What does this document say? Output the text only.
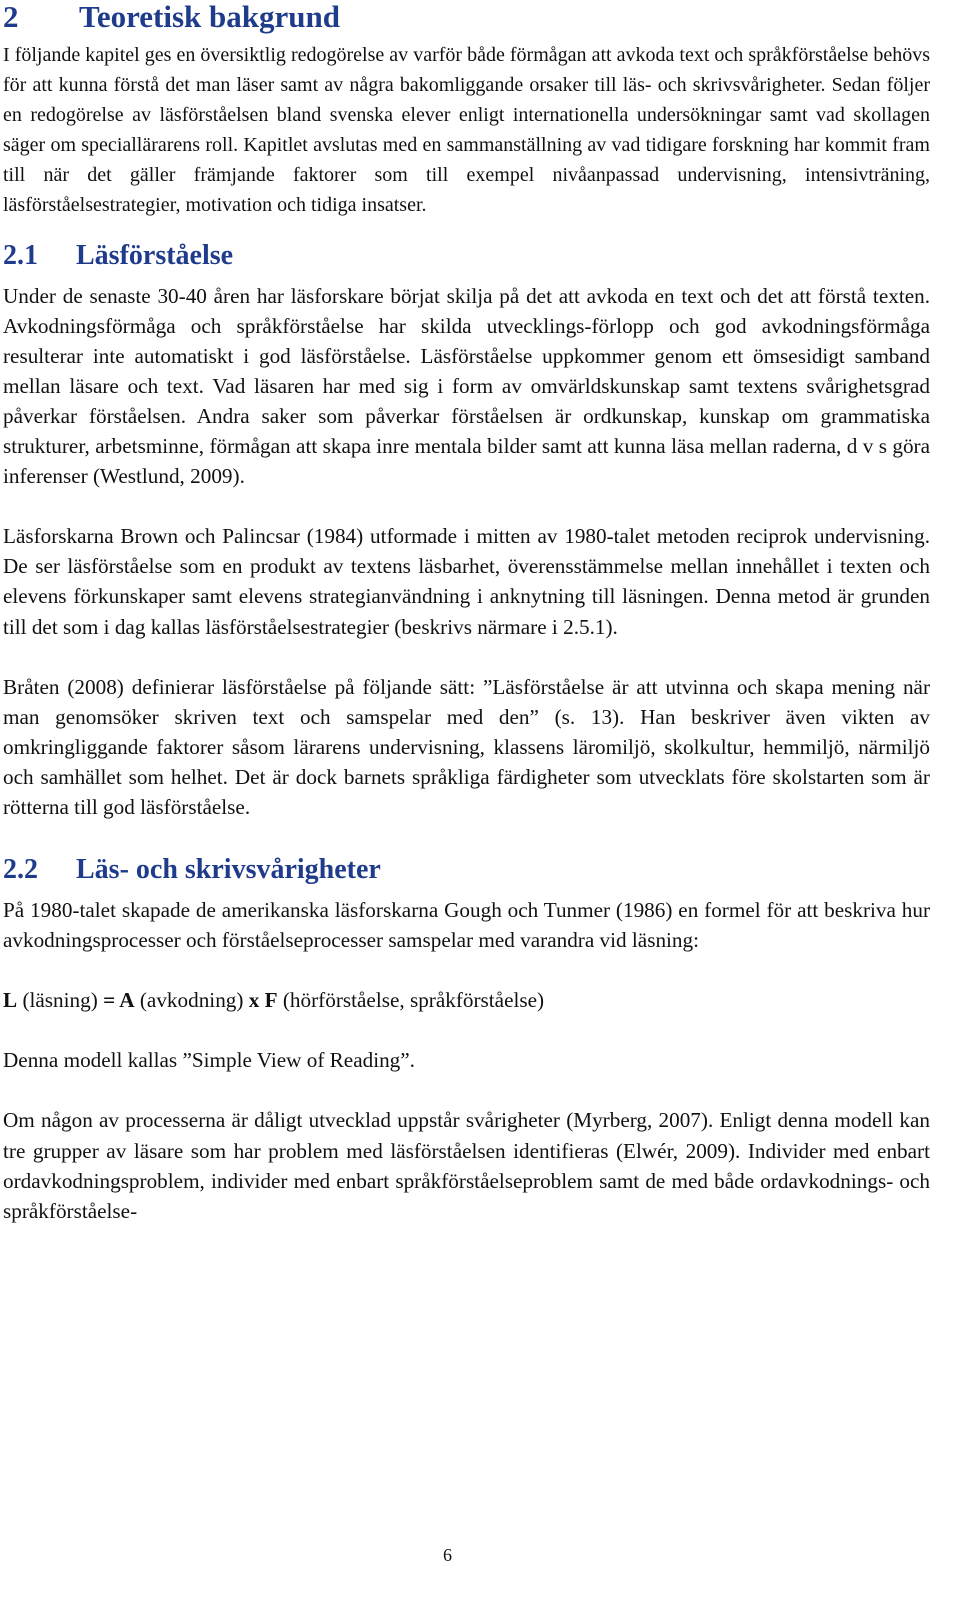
2	Teoretisk bakgrund

I följande kapitel ges en översiktlig redogörelse av varför både förmågan att avkoda text och språkförståelse behövs för att kunna förstå det man läser samt av några bakomliggande orsaker till läs- och skrivsvårigheter. Sedan följer en redogörelse av läsförståelsen bland svenska elever enligt internationella undersökningar samt vad skollagen säger om speciallärarens roll. Kapitlet avslutas med en sammanställning av vad tidigare forskning har kommit fram till när det gäller främjande faktorer som till exempel nivåanpassad undervisning, intensivträning, läsförståelsestrategier, motivation och tidiga insatser.

2.1	Läsförståelse

Under de senaste 30-40 åren har läsforskare börjat skilja på det att avkoda en text och det att förstå texten. Avkodningsförmåga och språkförståelse har skilda utvecklings-förlopp och god avkodningsförmåga resulterar inte automatiskt i god läsförståelse. Läsförståelse uppkommer genom ett ömsesidigt samband mellan läsare och text. Vad läsaren har med sig i form av omvärldskunskap samt textens svårighetsgrad påverkar förståelsen. Andra saker som påverkar förståelsen är ordkunskap, kunskap om grammatiska strukturer, arbetsminne, förmågan att skapa inre mentala bilder samt att kunna läsa mellan raderna, d v s göra inferenser (Westlund, 2009).

Läsforskarna Brown och Palincsar (1984) utformade i mitten av 1980-talet metoden reciprok undervisning. De ser läsförståelse som en produkt av textens läsbarhet, överensstämmelse mellan innehållet i texten och elevens förkunskaper samt elevens strategianvändning i anknytning till läsningen. Denna metod är grunden till det som i dag kallas läsförståelsestrategier (beskrivs närmare i 2.5.1).

Bråten (2008) definierar läsförståelse på följande sätt: ”Läsförståelse är att utvinna och skapa mening när man genomsöker skriven text och samspelar med den” (s. 13). Han beskriver även vikten av omkringliggande faktorer såsom lärarens undervisning, klassens läromiljö, skolkultur, hemmiljö, närmiljö och samhället som helhet. Det är dock barnets språkliga färdigheter som utvecklats före skolstarten som är rötterna till god läsförståelse.

2.2	Läs- och skrivsvårigheter

På 1980-talet skapade de amerikanska läsforskarna Gough och Tunmer (1986) en formel för att beskriva hur avkodningsprocesser och förståelseprocesser samspelar med varandra vid läsning:

L (läsning) = A (avkodning) x F (hörförståelse, språkförståelse)

Denna modell kallas ”Simple View of Reading”.

Om någon av processerna är dåligt utvecklad uppstår svårigheter (Myrberg, 2007). Enligt denna modell kan tre grupper av läsare som har problem med läsförståelsen identifieras (Elwér, 2009). Individer med enbart ordavkodningsproblem, individer med enbart språkförståelseproblem samt de med både ordavkodnings- och språkförståelse-

6
